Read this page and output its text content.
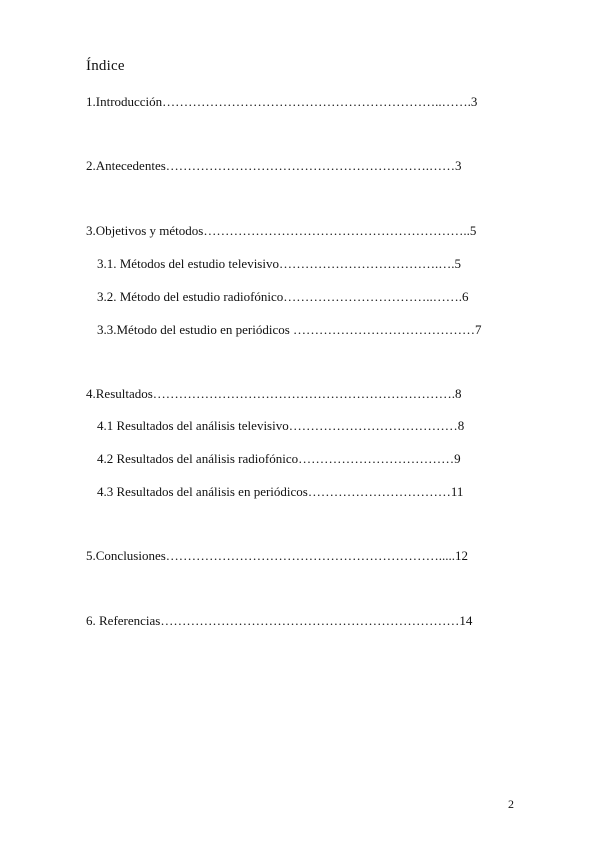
Índice
1.Introducción………………………………………………………..…….3
2.Antecedentes…………………………………………………….……3
3.Objetivos y métodos……………………………………………………..5
3.1. Métodos del estudio televisivo……………………………….….5
3.2. Método del estudio radiofónico……………………………..…….6
3.3.Método del estudio en periódicos ……………………………………7
4.Resultados…………………………………………………………….8
4.1 Resultados del análisis televisivo…………………………………8
4.2 Resultados del análisis radiofónico………………………………9
4.3 Resultados del análisis en periódicos……………………………11
5.Conclusiones……………………………………………………….....12
6. Referencias……………………………………………………………14
2
